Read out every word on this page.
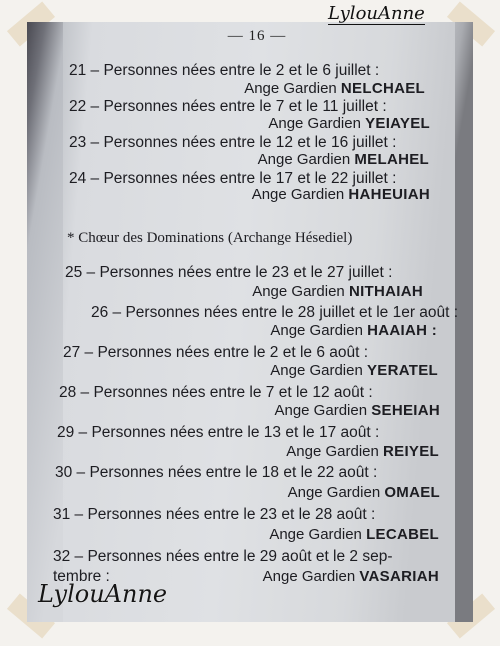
— 16 —
21 – Personnes nées entre le 2 et le 6 juillet :
Ange Gardien NELCHAEL
22 – Personnes nées entre le 7 et le 11 juillet :
Ange Gardien YEIAYEL
23 – Personnes nées entre le 12 et le 16 juillet :
Ange Gardien MELAHEL
24 – Personnes nées entre le 17 et le 22 juillet :
Ange Gardien HAHEUIAH
* Chœur des Dominations (Archange Hésediel)
25 – Personnes nées entre le 23 et le 27 juillet :
Ange Gardien NITHAIAH
26 – Personnes nées entre le 28 juillet et le 1er août :
Ange Gardien HAAIAH :
27 – Personnes nées entre le 2 et le 6 août :
Ange Gardien YERATEL
28 – Personnes nées entre le 7 et le 12 août :
Ange Gardien SEHEIAH
29 – Personnes nées entre le 13 et le 17 août :
Ange Gardien REIYEL
30 – Personnes nées entre le 18 et le 22 août :
Ange Gardien OMAEL
31 – Personnes nées entre le 23 et le 28 août :
Ange Gardien LECABEL
32 – Personnes nées entre le 29 août et le 2 sep-
tembre :	Ange Gardien VASARIAH
LylouAnne
LylouAnne
